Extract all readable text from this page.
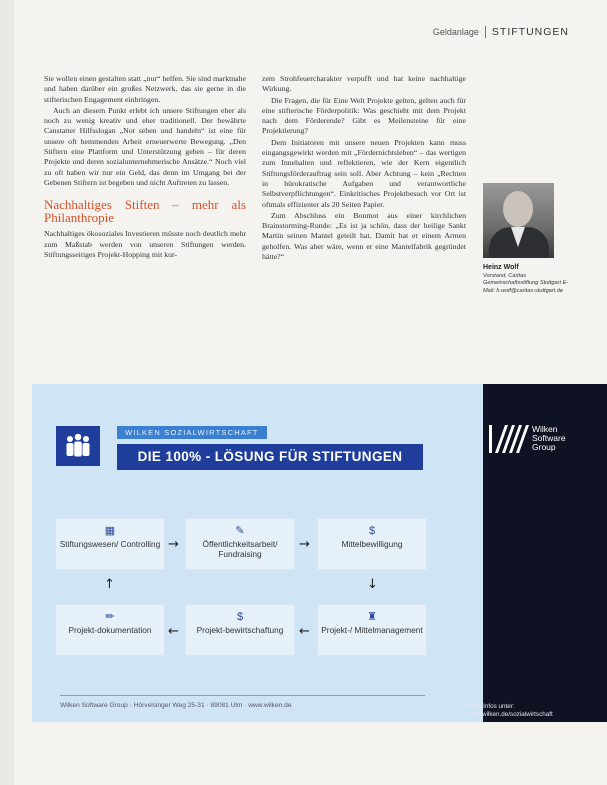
Geldanlage STIFTUNGEN

Sie wollen einen gestalten statt „nur“ helfen. Sie sind marktnahe und haben darüber ein großes Netzwerk, das sie gerne in die stifterischen Engagement einbringen.

Auch an diesem Punkt erlebt ich unsere Stiftungen eher als noch zu wenig kreativ und eher traditionell. Der bewährte Canstatter Hilfsslogan „Not sehen und handeln“ ist eine für unsere oft hemmenden Arbeit erneuerwerte Bewegung. „Den Stiftern eine Plattform und Unterstützung geben – für deren Projekte und deren sozialunternehmerische Ansätze.“ Noch viel zu oft haben wir nur ein Geld, das denn im Umgang bei der Gebenen Stiftern ist begeben und nicht Auftreten zu lassen.

Nachhaltiges Stiften – mehr als Philanthropie

Nachhaltiges ökosoziales Investieren müsste noch deutlich mehr zum Maßstab werden von unseren Stiftungen werden. Stiftungsseitiges Projekt-Hopping mit kur-

zem Strohfeuercharakter verpufft und hat keine nachhaltige Wirkung.

Die Fragen, die für Eine Welt Projekte gelten, gelten auch für eine stifterische Förderpolitik: Was geschieht mit dem Projekt nach dem Förderende? Gibt es Meilensteine für eine Projektierung?

Dem Initiatoren mit unsere neuen Projekten kann muss eingangsgewirkt werden mit „Fördernichtsleben“ – das wertigen zum Innehalten und reflektieren, wie der Kern eigentlich Stiftungsförderauftrag sein soll. Aber Achtung – kein „Rechten in bürokratische Aufgaben und verantwortliche Selbstverpflichtungen“. Einkritisches Projektbesuch vor Ort ist oftmals effizienter als 20 Seiten Papier.

Zum Abschluss ein Bonmot aus einer kirchlichen Brainstorming-Runde: „Es ist ja schön, dass der heilige Sankt Martin seinen Mantel geteilt hat. Damit hat er einem Armen geholfen. Was aber wäre, wenn er eine Mantelfabrik gegründet hätte?“

Heinz Wolf
Vorstand, Caritas Gemeinschaftsstiftung Stuttgart E-Mail: h.wolf@caritas-stuttgart.de
Wilken
Software
Group
Mehr Infos unter:
www.wilken.de/sozialwirtschaft
WILKEN SOZIALWIRTSCHAFT
DIE 100% - LÖSUNG FÜR STIFTUNGEN
▦
Stiftungswesen/ Controlling
✎
Öffentlichkeitsarbeit/ Fundraising
$
Mittelbewilligung
♜
Projekt-/ Mittelmanagement
$
Projekt-bewirtschaftung
✏
Projekt-dokumentation
→	→
↓
←
←
↑
Wilken Software Group · Hörvelsinger Weg 25-31 · 89081 Ulm · www.wilken.de
